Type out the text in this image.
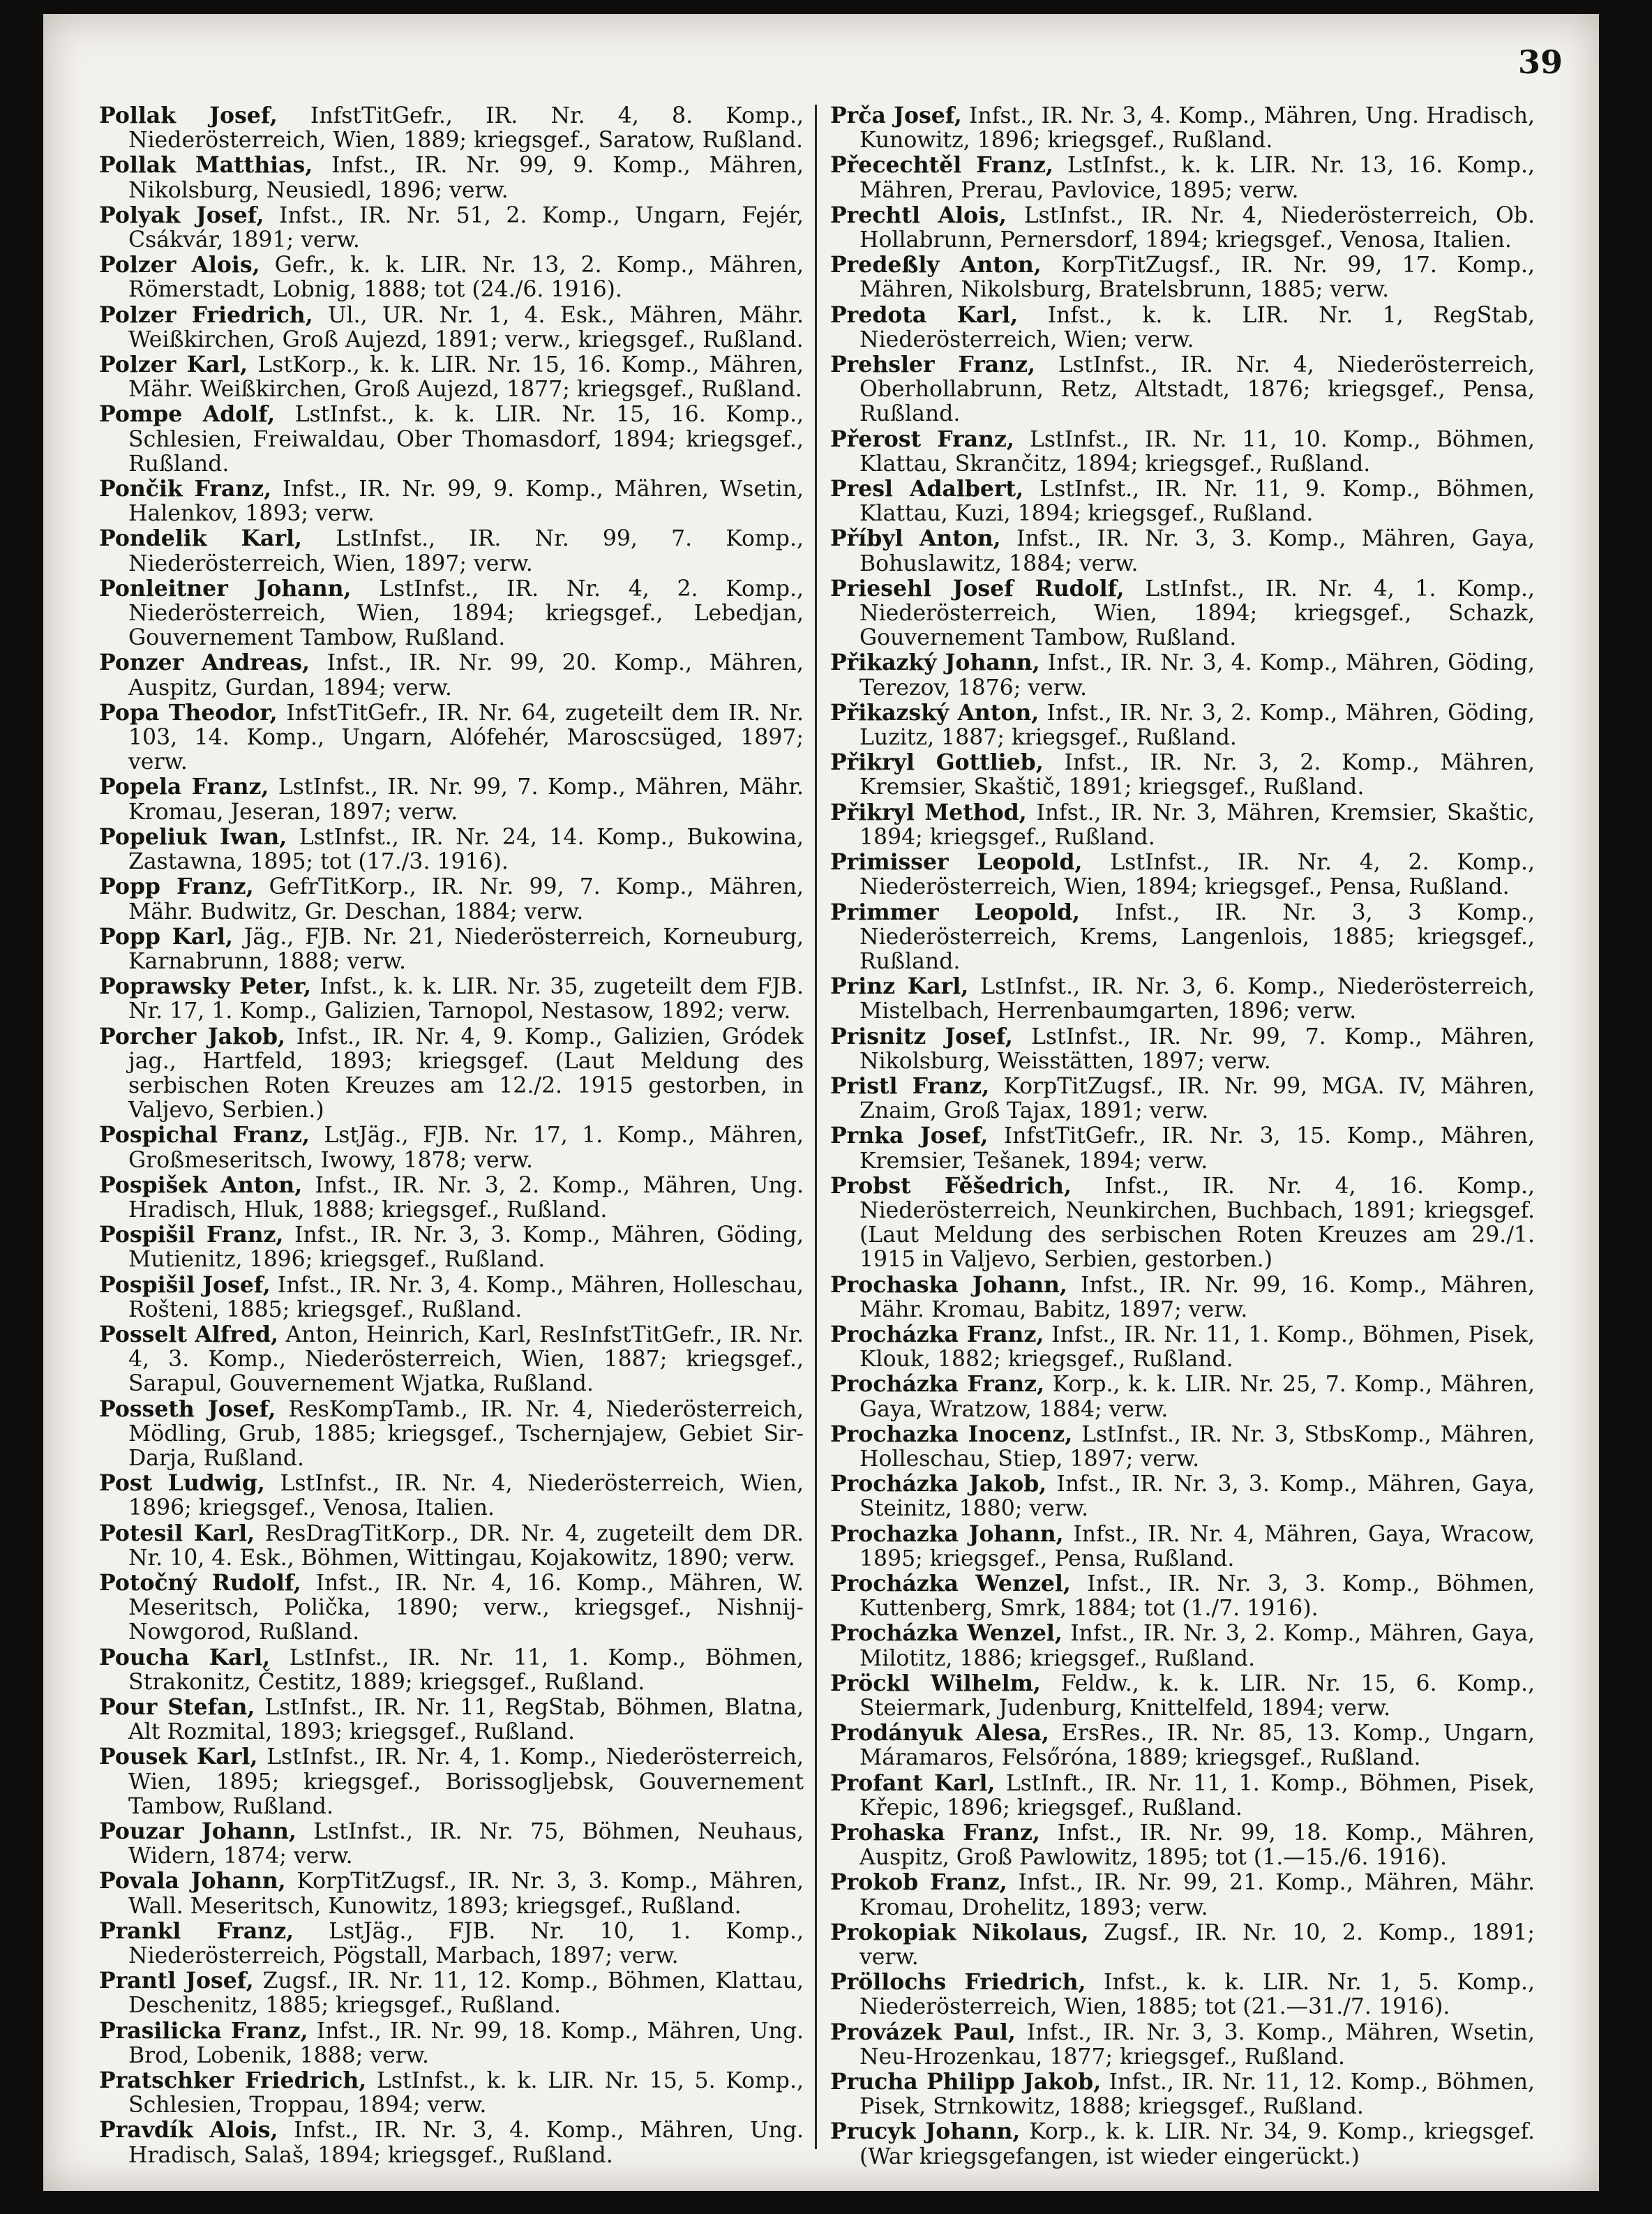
39

Pollak Josef, InfstTitGefr., IR. Nr. 4, 8. Komp., Niederösterreich, Wien, 1889; kriegsgef., Saratow, Rußland.

Pollak Matthias, Infst., IR. Nr. 99, 9. Komp., Mähren, Nikolsburg, Neusiedl, 1896; verw.

Polyak Josef, Infst., IR. Nr. 51, 2. Komp., Ungarn, Fejér, Csákvár, 1891; verw.

Polzer Alois, Gefr., k. k. LIR. Nr. 13, 2. Komp., Mähren, Römerstadt, Lobnig, 1888; tot (24./6. 1916).

Polzer Friedrich, Ul., UR. Nr. 1, 4. Esk., Mähren, Mähr. Weißkirchen, Groß Aujezd, 1891; verw., kriegsgef., Rußland.

Polzer Karl, LstKorp., k. k. LIR. Nr. 15, 16. Komp., Mähren, Mähr. Weißkirchen, Groß Aujezd, 1877; kriegsgef., Rußland.

Pompe Adolf, LstInfst., k. k. LIR. Nr. 15, 16. Komp., Schlesien, Freiwaldau, Ober Thomasdorf, 1894; kriegsgef., Rußland.

Pončik Franz, Infst., IR. Nr. 99, 9. Komp., Mähren, Wsetin, Halenkov, 1893; verw.

Pondelik Karl, LstInfst., IR. Nr. 99, 7. Komp., Niederösterreich, Wien, 1897; verw.

Ponleitner Johann, LstInfst., IR. Nr. 4, 2. Komp., Niederösterreich, Wien, 1894; kriegsgef., Lebedjan, Gouvernement Tambow, Rußland.

Ponzer Andreas, Infst., IR. Nr. 99, 20. Komp., Mähren, Auspitz, Gurdan, 1894; verw.

Popa Theodor, InfstTitGefr., IR. Nr. 64, zugeteilt dem IR. Nr. 103, 14. Komp., Ungarn, Alófehér, Maroscsüged, 1897; verw.

Popela Franz, LstInfst., IR. Nr. 99, 7. Komp., Mähren, Mähr. Kromau, Jeseran, 1897; verw.

Popeliuk Iwan, LstInfst., IR. Nr. 24, 14. Komp., Bukowina, Zastawna, 1895; tot (17./3. 1916).

Popp Franz, GefrTitKorp., IR. Nr. 99, 7. Komp., Mähren, Mähr. Budwitz, Gr. Deschan, 1884; verw.

Popp Karl, Jäg., FJB. Nr. 21, Niederösterreich, Korneuburg, Karnabrunn, 1888; verw.

Poprawsky Peter, Infst., k. k. LIR. Nr. 35, zugeteilt dem FJB. Nr. 17, 1. Komp., Galizien, Tarnopol, Nestasow, 1892; verw.

Porcher Jakob, Infst., IR. Nr. 4, 9. Komp., Galizien, Gródek jag., Hartfeld, 1893; kriegsgef. (Laut Meldung des serbischen Roten Kreuzes am 12./2. 1915 gestorben, in Valjevo, Serbien.)

Pospichal Franz, LstJäg., FJB. Nr. 17, 1. Komp., Mähren, Großmeseritsch, Iwowy, 1878; verw.

Pospišek Anton, Infst., IR. Nr. 3, 2. Komp., Mähren, Ung. Hradisch, Hluk, 1888; kriegsgef., Rußland.

Pospišil Franz, Infst., IR. Nr. 3, 3. Komp., Mähren, Göding, Mutienitz, 1896; kriegsgef., Rußland.

Pospišil Josef, Infst., IR. Nr. 3, 4. Komp., Mähren, Holleschau, Rošteni, 1885; kriegsgef., Rußland.

Posselt Alfred, Anton, Heinrich, Karl, ResInfstTitGefr., IR. Nr. 4, 3. Komp., Niederösterreich, Wien, 1887; kriegsgef., Sarapul, Gouvernement Wjatka, Rußland.

Posseth Josef, ResKompTamb., IR. Nr. 4, Niederösterreich, Mödling, Grub, 1885; kriegsgef., Tschernjajew, Gebiet Sir-Darja, Rußland.

Post Ludwig, LstInfst., IR. Nr. 4, Niederösterreich, Wien, 1896; kriegsgef., Venosa, Italien.

Potesil Karl, ResDragTitKorp., DR. Nr. 4, zugeteilt dem DR. Nr. 10, 4. Esk., Böhmen, Wittingau, Kojakowitz, 1890; verw.

Potočný Rudolf, Infst., IR. Nr. 4, 16. Komp., Mähren, W. Meseritsch, Polička, 1890; verw., kriegsgef., Nishnij-Nowgorod, Rußland.

Poucha Karl, LstInfst., IR. Nr. 11, 1. Komp., Böhmen, Strakonitz, Čestitz, 1889; kriegsgef., Rußland.

Pour Stefan, LstInfst., IR. Nr. 11, RegStab, Böhmen, Blatna, Alt Rozmital, 1893; kriegsgef., Rußland.

Pousek Karl, LstInfst., IR. Nr. 4, 1. Komp., Niederösterreich, Wien, 1895; kriegsgef., Borissogljebsk, Gouvernement Tambow, Rußland.

Pouzar Johann, LstInfst., IR. Nr. 75, Böhmen, Neuhaus, Widern, 1874; verw.

Povala Johann, KorpTitZugsf., IR. Nr. 3, 3. Komp., Mähren, Wall. Meseritsch, Kunowitz, 1893; kriegsgef., Rußland.

Prankl Franz, LstJäg., FJB. Nr. 10, 1. Komp., Niederösterreich, Pögstall, Marbach, 1897; verw.

Prantl Josef, Zugsf., IR. Nr. 11, 12. Komp., Böhmen, Klattau, Deschenitz, 1885; kriegsgef., Rußland.

Prasilicka Franz, Infst., IR. Nr. 99, 18. Komp., Mähren, Ung. Brod, Lobenik, 1888; verw.

Pratschker Friedrich, LstInfst., k. k. LIR. Nr. 15, 5. Komp., Schlesien, Troppau, 1894; verw.

Pravdík Alois, Infst., IR. Nr. 3, 4. Komp., Mähren, Ung. Hradisch, Salaš, 1894; kriegsgef., Rußland.

Prča Josef, Infst., IR. Nr. 3, 4. Komp., Mähren, Ung. Hradisch, Kunowitz, 1896; kriegsgef., Rußland.

Přecechtěl Franz, LstInfst., k. k. LIR. Nr. 13, 16. Komp., Mähren, Prerau, Pavlovice, 1895; verw.

Prechtl Alois, LstInfst., IR. Nr. 4, Niederösterreich, Ob. Hollabrunn, Pernersdorf, 1894; kriegsgef., Venosa, Italien.

Predeßly Anton, KorpTitZugsf., IR. Nr. 99, 17. Komp., Mähren, Nikolsburg, Bratelsbrunn, 1885; verw.

Predota Karl, Infst., k. k. LIR. Nr. 1, RegStab, Niederösterreich, Wien; verw.

Prehsler Franz, LstInfst., IR. Nr. 4, Niederösterreich, Oberhollabrunn, Retz, Altstadt, 1876; kriegsgef., Pensa, Rußland.

Přerost Franz, LstInfst., IR. Nr. 11, 10. Komp., Böhmen, Klattau, Skrančitz, 1894; kriegsgef., Rußland.

Presl Adalbert, LstInfst., IR. Nr. 11, 9. Komp., Böhmen, Klattau, Kuzi, 1894; kriegsgef., Rußland.

Příbyl Anton, Infst., IR. Nr. 3, 3. Komp., Mähren, Gaya, Bohuslawitz, 1884; verw.

Priesehl Josef Rudolf, LstInfst., IR. Nr. 4, 1. Komp., Niederösterreich, Wien, 1894; kriegsgef., Schazk, Gouvernement Tambow, Rußland.

Přikazký Johann, Infst., IR. Nr. 3, 4. Komp., Mähren, Göding, Terezov, 1876; verw.

Přikazský Anton, Infst., IR. Nr. 3, 2. Komp., Mähren, Göding, Luzitz, 1887; kriegsgef., Rußland.

Přikryl Gottlieb, Infst., IR. Nr. 3, 2. Komp., Mähren, Kremsier, Skaštič, 1891; kriegsgef., Rußland.

Přikryl Method, Infst., IR. Nr. 3, Mähren, Kremsier, Skaštic, 1894; kriegsgef., Rußland.

Primisser Leopold, LstInfst., IR. Nr. 4, 2. Komp., Niederösterreich, Wien, 1894; kriegsgef., Pensa, Rußland.

Primmer Leopold, Infst., IR. Nr. 3, 3 Komp., Niederösterreich, Krems, Langenlois, 1885; kriegsgef., Rußland.

Prinz Karl, LstInfst., IR. Nr. 3, 6. Komp., Niederösterreich, Mistelbach, Herrenbaumgarten, 1896; verw.

Prisnitz Josef, LstInfst., IR. Nr. 99, 7. Komp., Mähren, Nikolsburg, Weisstätten, 1897; verw.

Pristl Franz, KorpTitZugsf., IR. Nr. 99, MGA. IV, Mähren, Znaim, Groß Tajax, 1891; verw.

Prnka Josef, InfstTitGefr., IR. Nr. 3, 15. Komp., Mähren, Kremsier, Tešanek, 1894; verw.

Probst Fěšedrich, Infst., IR. Nr. 4, 16. Komp., Niederösterreich, Neunkirchen, Buchbach, 1891; kriegsgef. (Laut Meldung des serbischen Roten Kreuzes am 29./1. 1915 in Valjevo, Serbien, gestorben.)

Prochaska Johann, Infst., IR. Nr. 99, 16. Komp., Mähren, Mähr. Kromau, Babitz, 1897; verw.

Procházka Franz, Infst., IR. Nr. 11, 1. Komp., Böhmen, Pisek, Klouk, 1882; kriegsgef., Rußland.

Procházka Franz, Korp., k. k. LIR. Nr. 25, 7. Komp., Mähren, Gaya, Wratzow, 1884; verw.

Prochazka Inocenz, LstInfst., IR. Nr. 3, StbsKomp., Mähren, Holleschau, Stiep, 1897; verw.

Procházka Jakob, Infst., IR. Nr. 3, 3. Komp., Mähren, Gaya, Steinitz, 1880; verw.

Prochazka Johann, Infst., IR. Nr. 4, Mähren, Gaya, Wracow, 1895; kriegsgef., Pensa, Rußland.

Procházka Wenzel, Infst., IR. Nr. 3, 3. Komp., Böhmen, Kuttenberg, Smrk, 1884; tot (1./7. 1916).

Procházka Wenzel, Infst., IR. Nr. 3, 2. Komp., Mähren, Gaya, Milotitz, 1886; kriegsgef., Rußland.

Pröckl Wilhelm, Feldw., k. k. LIR. Nr. 15, 6. Komp., Steiermark, Judenburg, Knittelfeld, 1894; verw.

Prodányuk Alesa, ErsRes., IR. Nr. 85, 13. Komp., Ungarn, Máramaros, Felsőróna, 1889; kriegsgef., Rußland.

Profant Karl, LstInft., IR. Nr. 11, 1. Komp., Böhmen, Pisek, Křepic, 1896; kriegsgef., Rußland.

Prohaska Franz, Infst., IR. Nr. 99, 18. Komp., Mähren, Auspitz, Groß Pawlowitz, 1895; tot (1.—15./6. 1916).

Prokob Franz, Infst., IR. Nr. 99, 21. Komp., Mähren, Mähr. Kromau, Drohelitz, 1893; verw.

Prokopiak Nikolaus, Zugsf., IR. Nr. 10, 2. Komp., 1891; verw.

Pröllochs Friedrich, Infst., k. k. LIR. Nr. 1, 5. Komp., Niederösterreich, Wien, 1885; tot (21.—31./7. 1916).

Provázek Paul, Infst., IR. Nr. 3, 3. Komp., Mähren, Wsetin, Neu-Hrozenkau, 1877; kriegsgef., Rußland.

Prucha Philipp Jakob, Infst., IR. Nr. 11, 12. Komp., Böhmen, Pisek, Strnkowitz, 1888; kriegsgef., Rußland.

Prucyk Johann, Korp., k. k. LIR. Nr. 34, 9. Komp., kriegsgef. (War kriegsgefangen, ist wieder eingerückt.)
